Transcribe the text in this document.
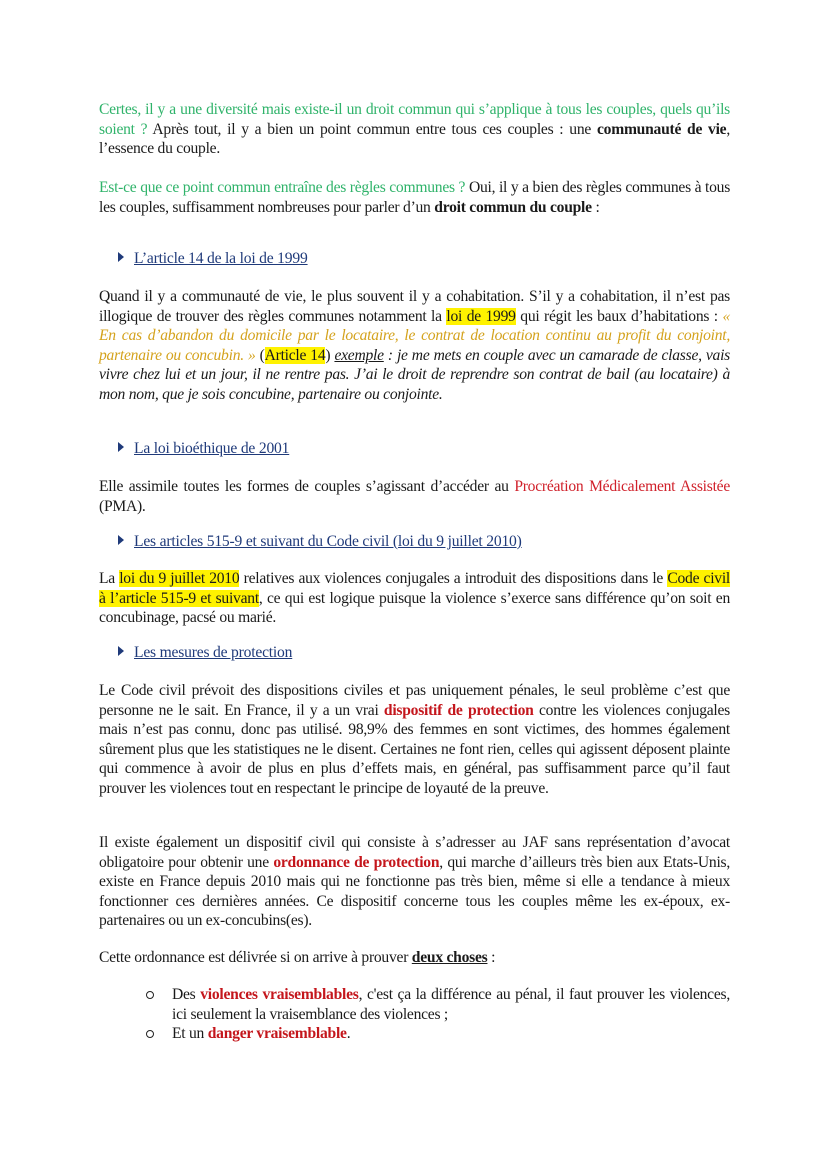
Certes, il y a une diversité mais existe-il un droit commun qui s’applique à tous les couples, quels qu’ils soient ? Après tout, il y a bien un point commun entre tous ces couples : une communauté de vie, l’essence du couple.
Est-ce que ce point commun entraîne des règles communes ? Oui, il y a bien des règles communes à tous les couples, suffisamment nombreuses pour parler d’un droit commun du couple :
L’article 14 de la loi de 1999
Quand il y a communauté de vie, le plus souvent il y a cohabitation. S’il y a cohabitation, il n’est pas illogique de trouver des règles communes notamment la loi de 1999 qui régit les baux d’habitations : « En cas d’abandon du domicile par le locataire, le contrat de location continu au profit du conjoint, partenaire ou concubin. » (Article 14) exemple : je me mets en couple avec un camarade de classe, vais vivre chez lui et un jour, il ne rentre pas. J’ai le droit de reprendre son contrat de bail (au locataire) à mon nom, que je sois concubine, partenaire ou conjointe.
La loi bioéthique de 2001
Elle assimile toutes les formes de couples s’agissant d’accéder au Procréation Médicalement Assistée (PMA).
Les articles 515-9 et suivant du Code civil (loi du 9 juillet 2010)
La loi du 9 juillet 2010 relatives aux violences conjugales a introduit des dispositions dans le Code civil à l’article 515-9 et suivant, ce qui est logique puisque la violence s’exerce sans différence qu’on soit en concubinage, pacsé ou marié.
Les mesures de protection
Le Code civil prévoit des dispositions civiles et pas uniquement pénales, le seul problème c’est que personne ne le sait. En France, il y a un vrai dispositif de protection contre les violences conjugales mais n’est pas connu, donc pas utilisé. 98,9% des femmes en sont victimes, des hommes également sûrement plus que les statistiques ne le disent. Certaines ne font rien, celles qui agissent déposent plainte qui commence à avoir de plus en plus d’effets mais, en général, pas suffisamment parce qu’il faut prouver les violences tout en respectant le principe de loyauté de la preuve.
Il existe également un dispositif civil qui consiste à s’adresser au JAF sans représentation d’avocat obligatoire pour obtenir une ordonnance de protection, qui marche d’ailleurs très bien aux Etats-Unis, existe en France depuis 2010 mais qui ne fonctionne pas très bien, même si elle a tendance à mieux fonctionner ces dernières années. Ce dispositif concerne tous les couples même les ex-époux, ex-partenaires ou un ex-concubins(es).
Cette ordonnance est délivrée si on arrive à prouver deux choses :
Des violences vraisemblables, c'est ça la différence au pénal, il faut prouver les violences, ici seulement la vraisemblance des violences ;
Et un danger vraisemblable.
